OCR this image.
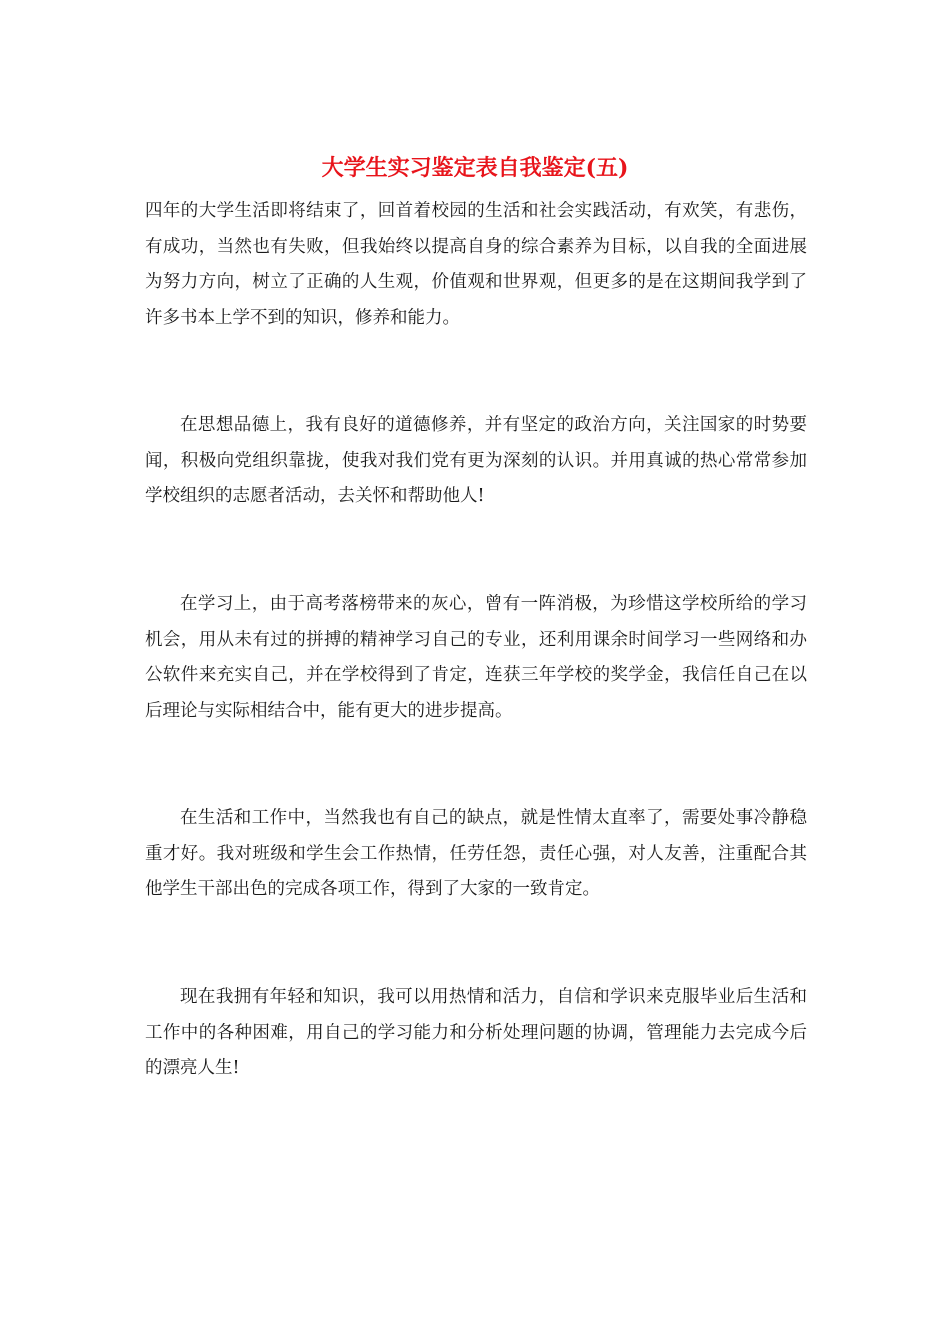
大学生实习鉴定表自我鉴定(五)

四年的大学生活即将结束了，回首着校园的生活和社会实践活动，有欢笑，有悲伤，有成功，当然也有失败，但我始终以提高自身的综合素养为目标，以自我的全面进展为努力方向，树立了正确的人生观，价值观和世界观，但更多的是在这期间我学到了许多书本上学不到的知识，修养和能力。

在思想品德上，我有良好的道德修养，并有坚定的政治方向，关注国家的时势要闻，积极向党组织靠拢，使我对我们党有更为深刻的认识。并用真诚的热心常常参加学校组织的志愿者活动，去关怀和帮助他人!

在学习上，由于高考落榜带来的灰心，曾有一阵消极，为珍惜这学校所给的学习机会，用从未有过的拼搏的精神学习自己的专业，还利用课余时间学习一些网络和办公软件来充实自己，并在学校得到了肯定，连获三年学校的奖学金，我信任自己在以后理论与实际相结合中，能有更大的进步提高。

在生活和工作中，当然我也有自己的缺点，就是性情太直率了，需要处事冷静稳重才好。我对班级和学生会工作热情，任劳任怨，责任心强，对人友善，注重配合其他学生干部出色的完成各项工作，得到了大家的一致肯定。

现在我拥有年轻和知识，我可以用热情和活力，自信和学识来克服毕业后生活和工作中的各种困难，用自己的学习能力和分析处理问题的协调，管理能力去完成今后的漂亮人生!
